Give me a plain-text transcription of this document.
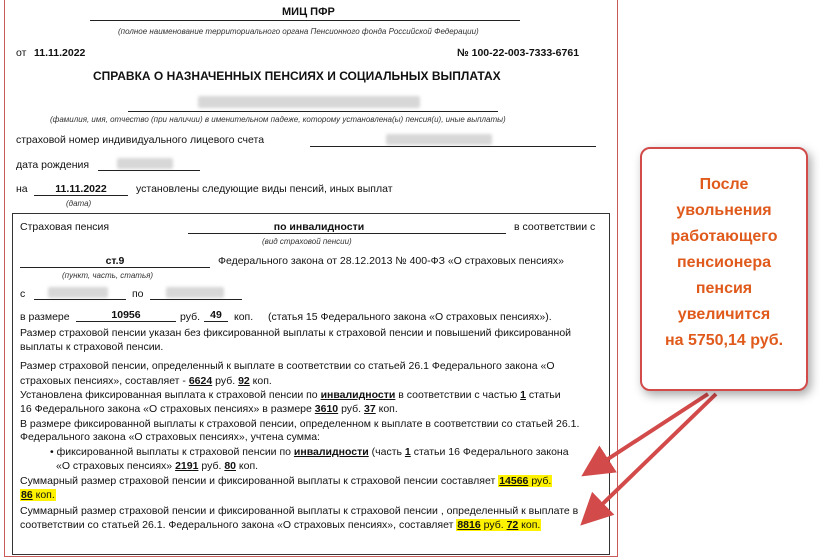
МИЦ ПФР
(полное наименование территориального органа Пенсионного фонда Российской Федерации)
от 11.11.2022	№ 100-22-003-7333-6761
СПРАВКА О НАЗНАЧЕННЫХ ПЕНСИЯХ И СОЦИАЛЬНЫХ ВЫПЛАТАХ
(фамилия, имя, отчество (при наличии) в именительном падеже, которому установлена(ы) пенсия(и), иные выплаты)
страховой номер индивидуального лицевого счета
дата рождения
на	11.11.2022	установлены следующие виды пенсий, иных выплат
(дата)
Страховая пенсия	по инвалидности	в соответствии с
(вид страховой пенсии)
ст.9	Федерального закона от 28.12.2013 № 400-ФЗ «О страховых пенсиях»
(пункт, часть, статья)
с	по
в размере	10956	руб. 49	коп. (статья 15 Федерального закона «О страховых пенсиях»).
Размер страховой пенсии указан без фиксированной выплаты к страховой пенсии и повышений фиксированной
выплаты к страховой пенсии.
Размер страховой пенсии, определенный к выплате в соответствии со статьей 26.1 Федерального закона «О
страховых пенсиях», составляет - 6624 руб. 92 коп.
Установлена фиксированная выплата к страховой пенсии по инвалидности в соответствии с частью 1 статьи
16 Федерального закона «О страховых пенсиях» в размере 3610 руб. 37 коп.
В размере фиксированной выплаты к страховой пенсии, определенном к выплате в соответствии со статьей 26.1.
Федерального закона «О страховых пенсиях», учтена сумма:
• фиксированной выплаты к страховой пенсии по инвалидности (часть 1 статьи 16 Федерального закона
«О страховых пенсиях» 2191 руб. 80 коп.
Суммарный размер страховой пенсии и фиксированной выплаты к страховой пенсии составляет 14566 руб.
86 коп.
Суммарный размер страховой пенсии и фиксированной выплаты к страховой пенсии , определенный к выплате в
соответствии со статьей 26.1. Федерального закона «О страховых пенсиях», составляет 8816 руб. 72 коп.
После
увольнения
работающего
пенсионера
пенсия
увеличится
на 5750,14 руб.
